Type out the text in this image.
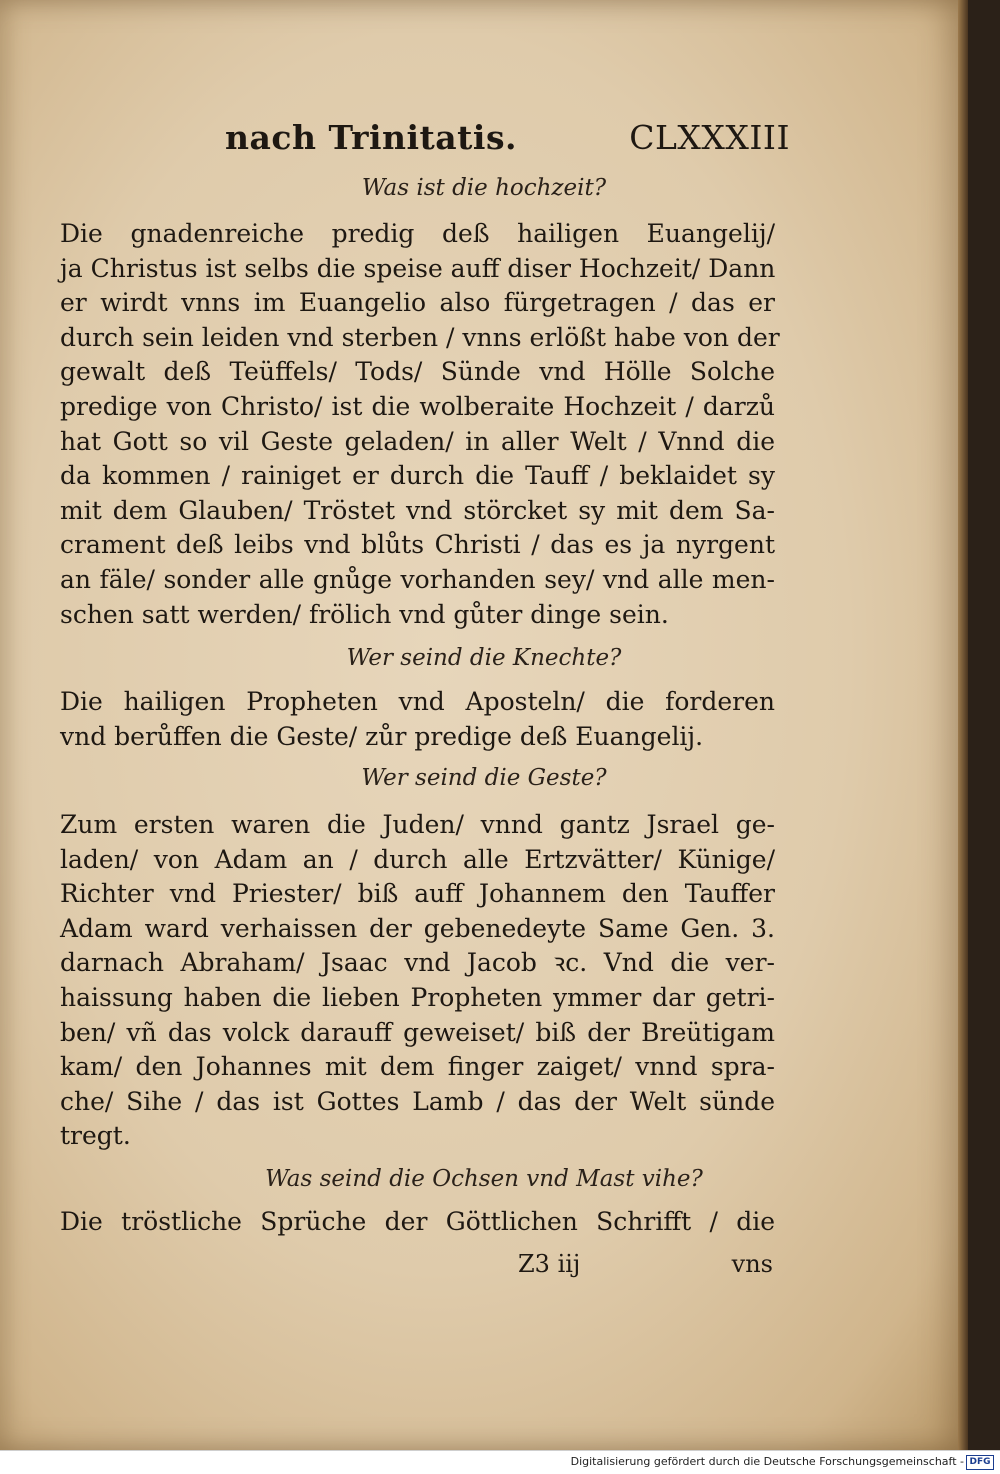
nach Trinitatis.	CLXXXIII

Was ist die hochzeit?

Die gnadenreiche predig deß hailigen Euangelij/
ja Christus ist selbs die speise auff diser Hochzeit/ Dann
er wirdt vnns im Euangelio also fürgetragen / das er
durch sein leiden vnd sterben / vnns erlößt habe von der
gewalt deß Teüffels/ Tods/ Sünde vnd Hölle Solche
predige von Christo/ ist die wolberaite Hochzeit / darzů
hat Gott so vil Geste geladen/ in aller Welt / Vnnd die
da kommen / rainiget er durch die Tauff / beklaidet sy
mit dem Glauben/ Tröstet vnd störcket sy mit dem Sa-
crament deß leibs vnd blůts Christi / das es ja nyrgent
an fäle/ sonder alle gnůge vorhanden sey/ vnd alle men-
schen satt werden/ frölich vnd gůter dinge sein.

Wer seind die Knechte?

Die hailigen Propheten vnd Aposteln/ die forderen
vnd berůffen die Geste/ zůr predige deß Euangelij.

Wer seind die Geste?

Zum ersten waren die Juden/ vnnd gantz Jsrael ge-
laden/ von Adam an / durch alle Ertzvätter/ Künige/
Richter vnd Priester/ biß auff Johannem den Tauffer
Adam ward verhaissen der gebenedeyte Same Gen. 3.
darnach Abraham/ Jsaac vnd Jacob ꝛc. Vnd die ver-
haissung haben die lieben Propheten ymmer dar getri-
ben/ vñ das volck darauff geweiset/ biß der Breütigam
kam/ den Johannes mit dem finger zaiget/ vnnd spra-
che/ Sihe / das ist Gottes Lamb / das der Welt sünde
tregt.

Was seind die Ochsen vnd Mast vihe?

Die tröstliche Sprüche der Göttlichen Schrifft / die
Z3 iij	vns
Digitalisierung gefördert durch die Deutsche Forschungsgemeinschaft - DFG
